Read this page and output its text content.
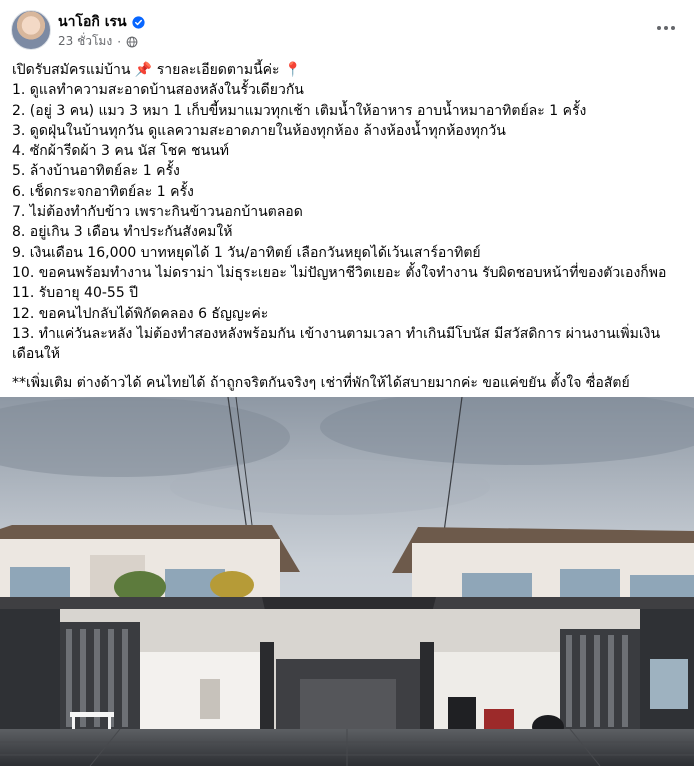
นาโอกิ เรน
23 ชั่วโมง ·
เปิดรับสมัครแม่บ้าน 📌 รายละเอียดตามนี้ค่ะ 📍
1. ดูแลทำความสะอาดบ้านสองหลังในรั้วเดียวกัน
2. (อยู่ 3 คน) แมว 3 หมา 1 เก็บขี้หมาแมวทุกเช้า เติมน้ำให้อาหาร อาบน้ำหมาอาทิตย์ละ 1 ครั้ง
3. ดูดฝุ่นในบ้านทุกวัน ดูแลความสะอาดภายในห้องทุกห้อง ล้างห้องน้ำทุกห้องทุกวัน
4. ซักผ้ารีดผ้า 3 คน นัส โชค ชนนท์
5. ล้างบ้านอาทิตย์ละ 1 ครั้ง
6. เช็ดกระจกอาทิตย์ละ 1 ครั้ง
7. ไม่ต้องทำกับข้าว เพราะกินข้าวนอกบ้านตลอด
8. อยู่เกิน 3 เดือน ทำประกันสังคมให้
9. เงินเดือน 16,000 บาทหยุดได้ 1 วัน/อาทิตย์ เลือกวันหยุดได้เว้นเสาร์อาทิตย์
10. ขอคนพร้อมทำงาน ไม่ดราม่า ไม่ธุระเยอะ ไม่ปัญหาชีวิตเยอะ ตั้งใจทำงาน รับผิดชอบหน้าที่ของตัวเองก็พอ
11. รับอายุ 40-55 ปี
12. ขอคนไปกลับได้พิกัดคลอง 6 ธัญญะค่ะ
13. ทำแค่วันละหลัง ไม่ต้องทำสองหลังพร้อมกัน เข้างานตามเวลา ทำเกินมีโบนัส มีสวัสดิการ ผ่านงานเพิ่มเงิน เดือนให้
**เพิ่มเติม ต่างด้าวได้ คนไทยได้ ถ้าถูกจริตกันจริงๆ เช่าที่พักให้ได้สบายมากค่ะ ขอแค่ขยัน ตั้งใจ ซื่อสัตย์
